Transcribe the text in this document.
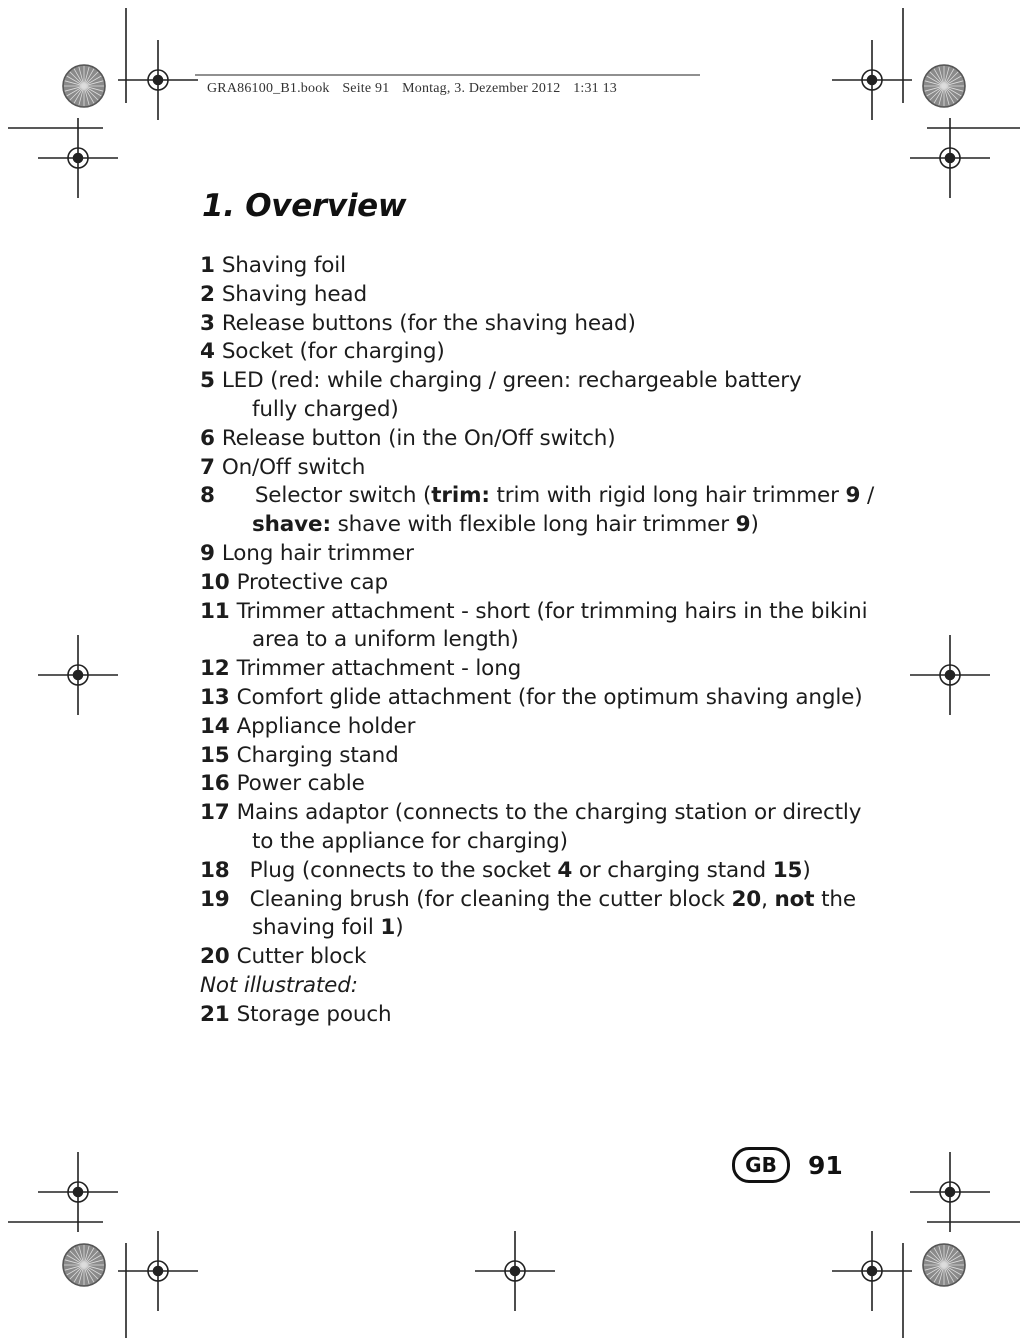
GRA86100_B1.book Seite 91 Montag, 3. Dezember 2012 1:31 13
1. Overview
1 Shaving foil
2 Shaving head
3 Release buttons (for the shaving head)
4 Socket (for charging)
5 LED (red: while charging / green: rechargeable battery
fully charged)
6 Release button (in the On/Off switch)
7 On/Off switch
8 Selector switch (trim: trim with rigid long hair trimmer 9 /
shave: shave with flexible long hair trimmer 9)
9 Long hair trimmer
10 Protective cap
11 Trimmer attachment - short (for trimming hairs in the bikini
area to a uniform length)
12 Trimmer attachment - long
13 Comfort glide attachment (for the optimum shaving angle)
14 Appliance holder
15 Charging stand
16 Power cable
17 Mains adaptor (connects to the charging station or directly
to the appliance for charging)
18 Plug (connects to the socket 4 or charging stand 15)
19 Cleaning brush (for cleaning the cutter block 20, not the
shaving foil 1)
20 Cutter block
Not illustrated:
21 Storage pouch
GB	91
